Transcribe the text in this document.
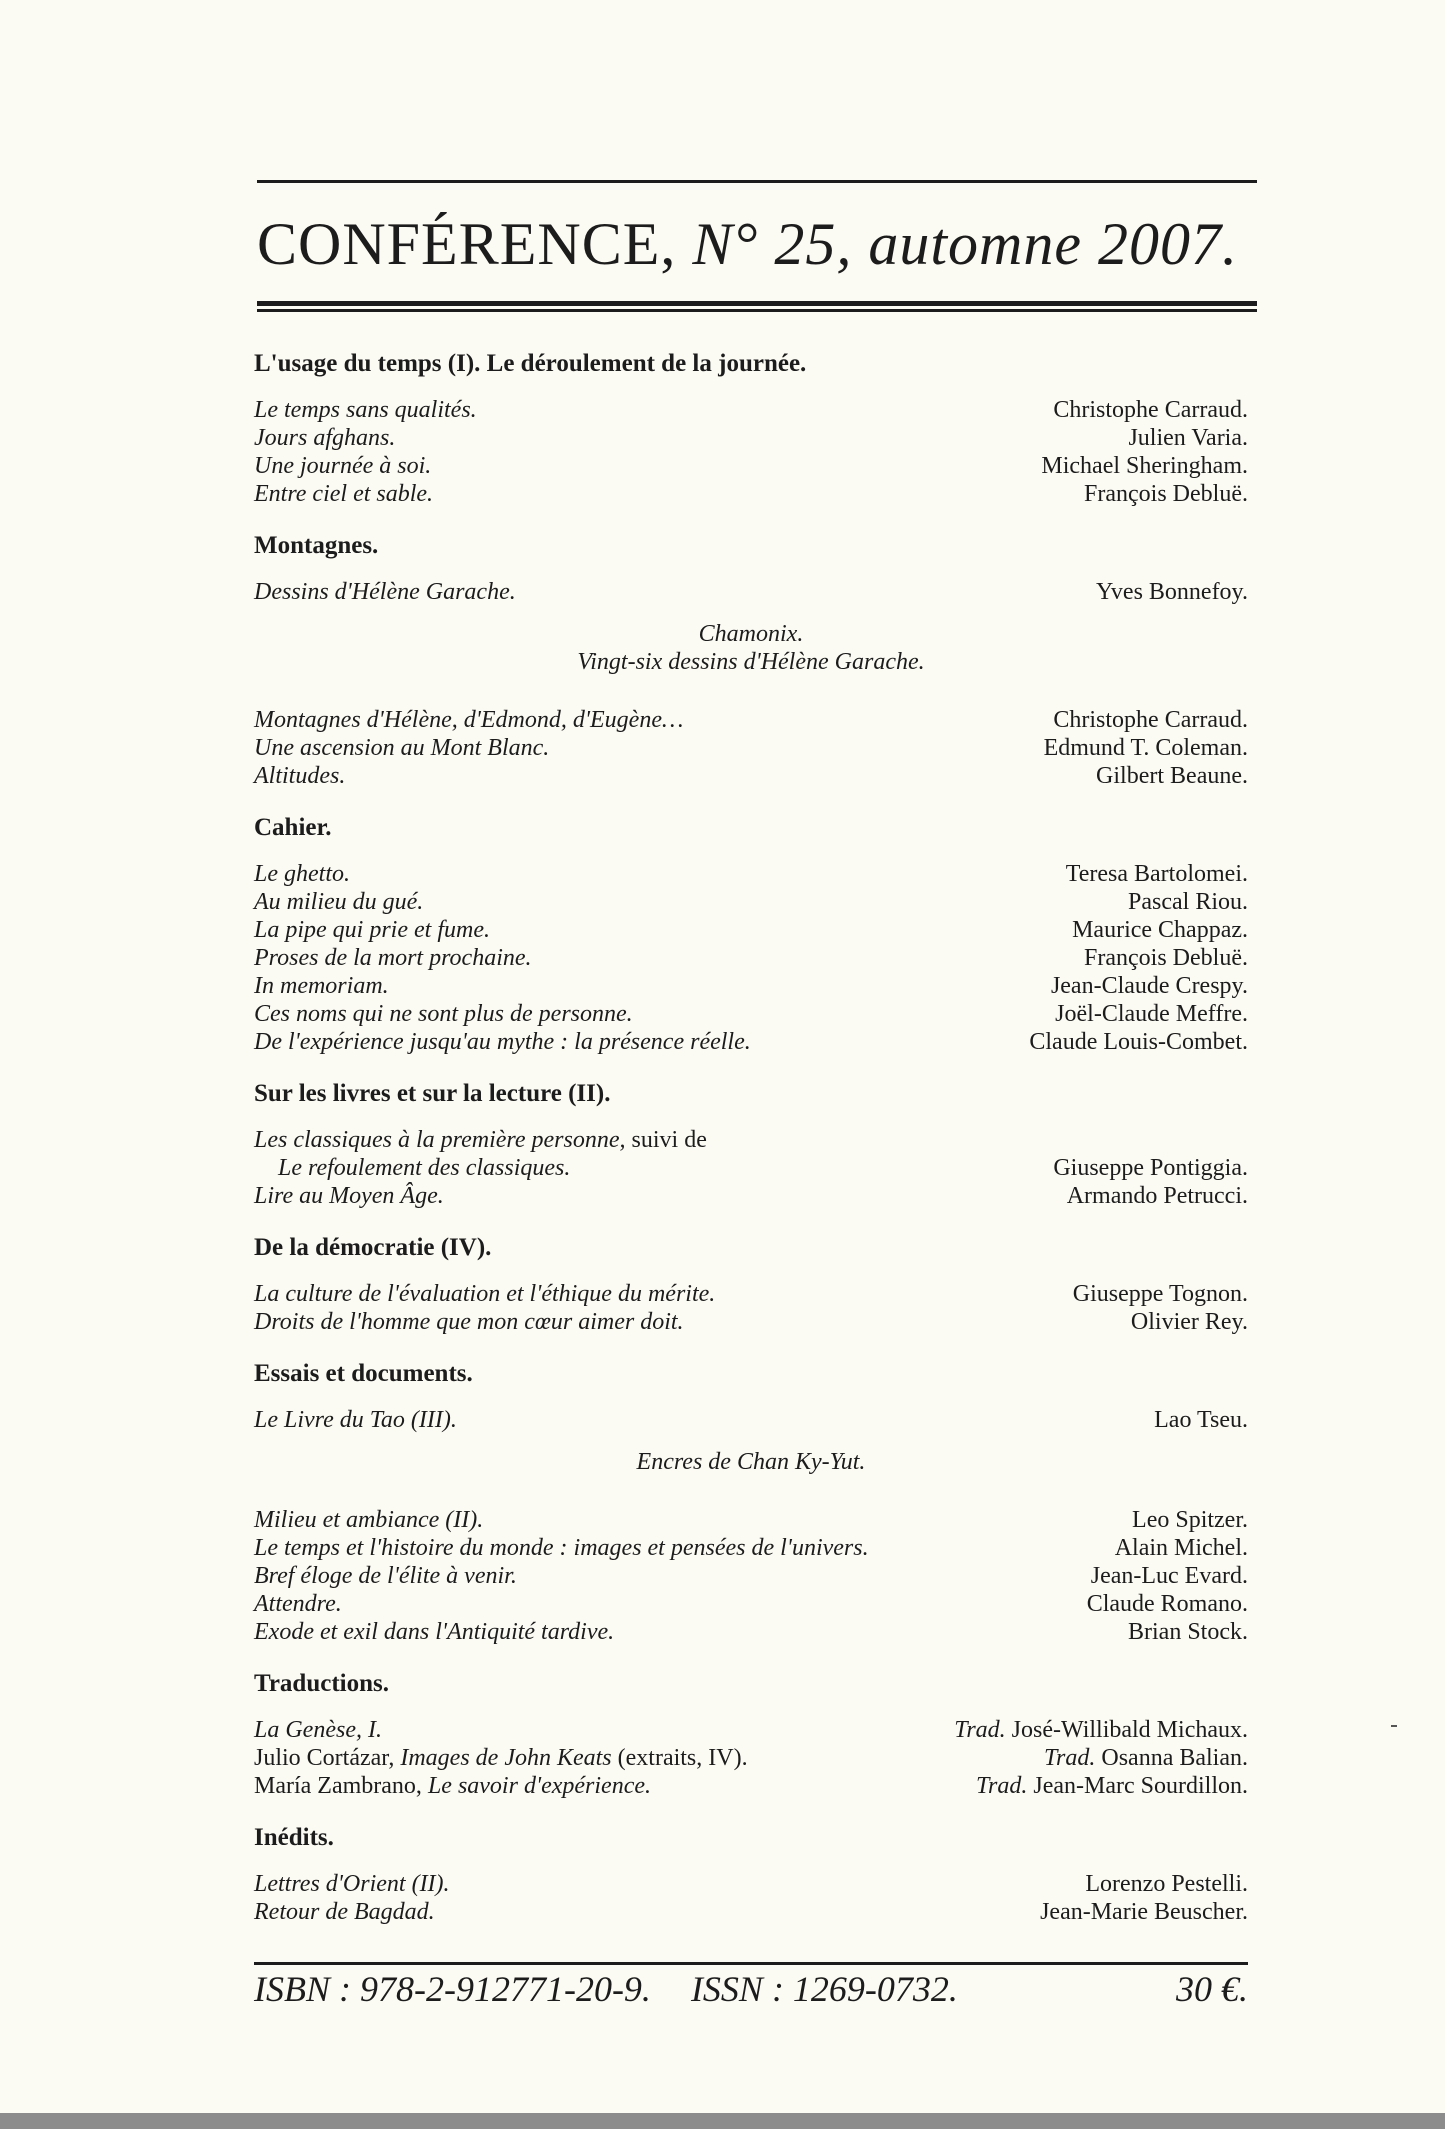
CONFÉRENCE, N° 25, automne 2007.
L'usage du temps (I). Le déroulement de la journée.
Le temps sans qualités.	Christophe Carraud.
Jours afghans.	Julien Varia.
Une journée à soi.	Michael Sheringham.
Entre ciel et sable.	François Debluë.
Montagnes.
Dessins d'Hélène Garache.	Yves Bonnefoy.
Chamonix.
Vingt-six dessins d'Hélène Garache.
Montagnes d'Hélène, d'Edmond, d'Eugène…	Christophe Carraud.
Une ascension au Mont Blanc.	Edmund T. Coleman.
Altitudes.	Gilbert Beaune.
Cahier.
Le ghetto.	Teresa Bartolomei.
Au milieu du gué.	Pascal Riou.
La pipe qui prie et fume.	Maurice Chappaz.
Proses de la mort prochaine.	François Debluë.
In memoriam.	Jean-Claude Crespy.
Ces noms qui ne sont plus de personne.	Joël-Claude Meffre.
De l'expérience jusqu'au mythe : la présence réelle.	Claude Louis-Combet.
Sur les livres et sur la lecture (II).
Les classiques à la première personne, suivi de
Le refoulement des classiques.	Giuseppe Pontiggia.
Lire au Moyen Âge.	Armando Petrucci.
De la démocratie (IV).
La culture de l'évaluation et l'éthique du mérite.	Giuseppe Tognon.
Droits de l'homme que mon cœur aimer doit.	Olivier Rey.
Essais et documents.
Le Livre du Tao (III).	Lao Tseu.
Encres de Chan Ky-Yut.
Milieu et ambiance (II).	Leo Spitzer.
Le temps et l'histoire du monde : images et pensées de l'univers.	Alain Michel.
Bref éloge de l'élite à venir.	Jean-Luc Evard.
Attendre.	Claude Romano.
Exode et exil dans l'Antiquité tardive.	Brian Stock.
Traductions.
La Genèse, I.	Trad. José-Willibald Michaux.
Julio Cortázar, Images de John Keats (extraits, IV).	Trad. Osanna Balian.
María Zambrano, Le savoir d'expérience.	Trad. Jean-Marc Sourdillon.
Inédits.
Lettres d'Orient (II).	Lorenzo Pestelli.
Retour de Bagdad.	Jean-Marie Beuscher.
ISBN : 978-2-912771-20-9. ISSN : 1269-0732.	30 €.
